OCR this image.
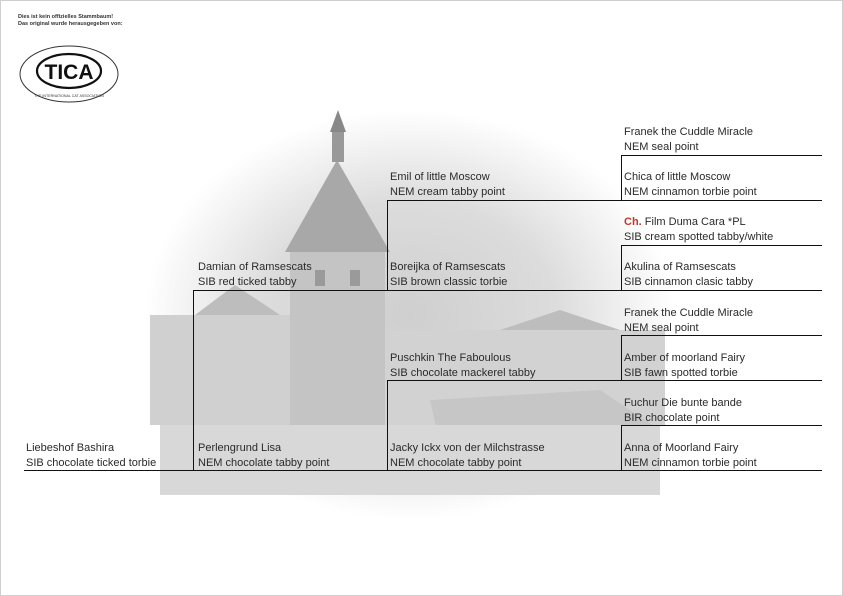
Dies ist kein offizielles Stammbaum!
Das original wurde herausgegeben von:
TICA
THE INTERNATIONAL CAT ASSOCIATION
Liebeshof Bashira
SIB chocolate ticked torbie
Damian of Ramsescats
SIB red ticked tabby
Perlengrund Lisa
NEM chocolate tabby point
Emil of little Moscow
NEM cream tabby point
Boreijka of Ramsescats
SIB brown classic torbie
Puschkin The Faboulous
SIB chocolate mackerel tabby
Jacky Ickx von der Milchstrasse
NEM chocolate tabby point
Franek the Cuddle Miracle
NEM seal point
Chica of little Moscow
NEM cinnamon torbie point
Ch. Film Duma Cara *PL
SIB cream spotted tabby/white
Akulina of Ramsescats
SIB cinnamon clasic tabby
Franek the Cuddle Miracle
NEM seal point
Amber of moorland Fairy
SIB fawn spotted torbie
Fuchur Die bunte bande
BIR chocolate point
Anna of Moorland Fairy
NEM cinnamon torbie point
